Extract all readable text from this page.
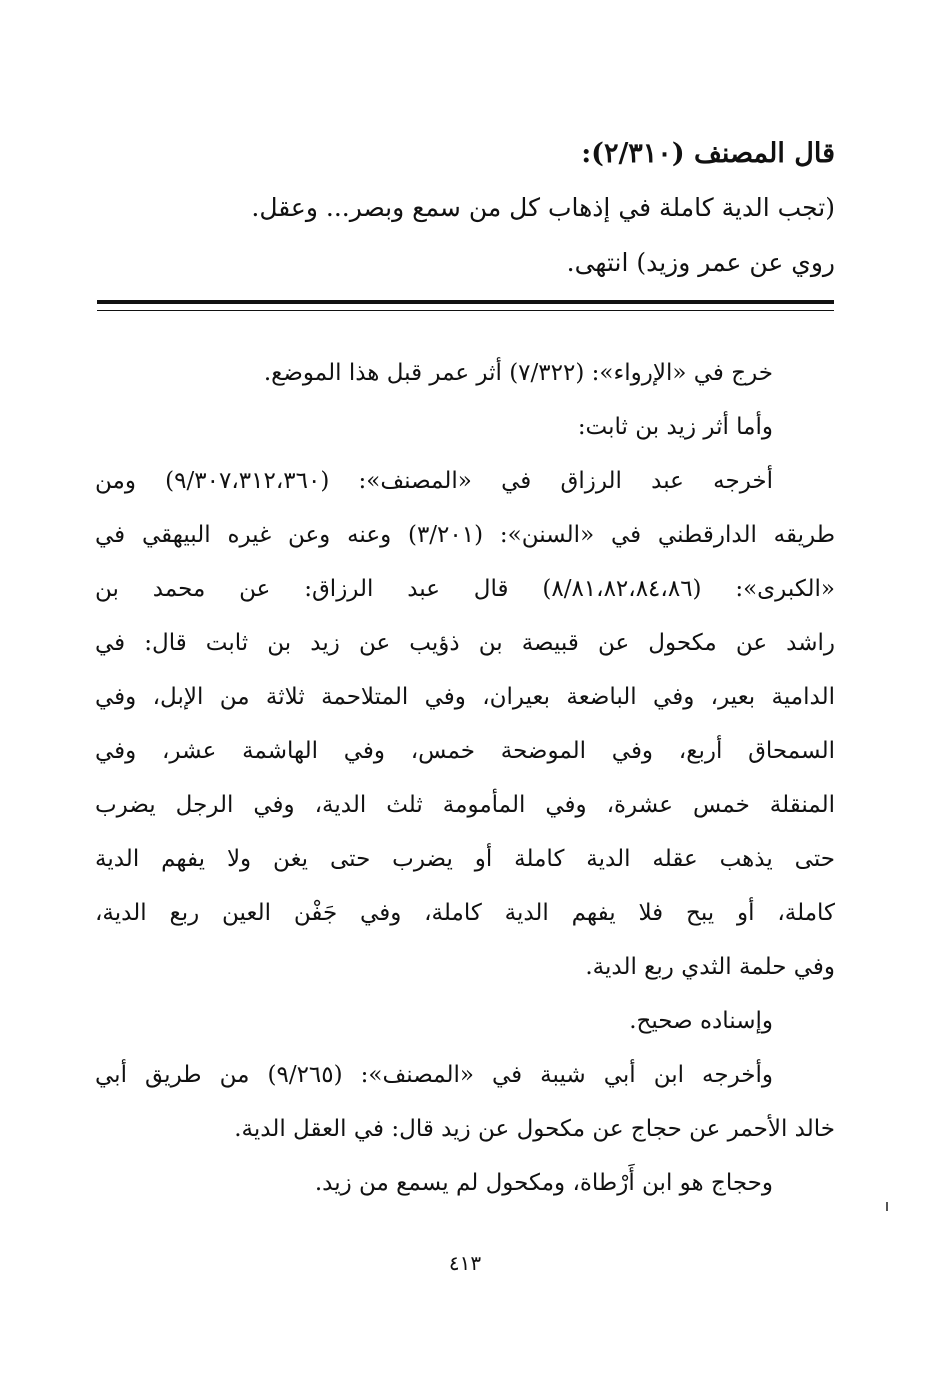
قال المصنف (٢/٣١٠):
(تجب الدية كاملة في إذهاب كل من سمع وبصر... وعقل.
روي عن عمر وزيد) انتهى.
خرج في «الإرواء»: (٧/٣٢٢) أثر عمر قبل هذا الموضع.
وأما أثر زيد بن ثابت:
أخرجه عبد الرزاق في «المصنف»: (٩/٣٠٧،٣١٢،٣٦٠) ومن
طريقه الدارقطني في «السنن»: (٣/٢٠١) وعنه وعن غيره البيهقي في
«الكبرى»: (٨/٨١،٨٢،٨٤،٨٦) قال عبد الرزاق: عن محمد بن
راشد عن مكحول عن قبيصة بن ذؤيب عن زيد بن ثابت قال: في
الدامية بعير، وفي الباضعة بعيران، وفي المتلاحمة ثلاثة من الإبل، وفي
السمحاق أربع، وفي الموضحة خمس، وفي الهاشمة عشر، وفي
المنقلة خمس عشرة، وفي المأمومة ثلث الدية، وفي الرجل يضرب
حتى يذهب عقله الدية كاملة أو يضرب حتى يغن ولا يفهم الدية
كاملة، أو يبح فلا يفهم الدية كاملة، وفي جَفْن العين ربع الدية،
وفي حلمة الثدي ربع الدية.
وإسناده صحيح.
وأخرجه ابن أبي شيبة في «المصنف»: (٩/٢٦٥) من طريق أبي
خالد الأحمر عن حجاج عن مكحول عن زيد قال: في العقل الدية.
وحجاج هو ابن أَرْطاة، ومكحول لم يسمع من زيد.
٤١٣
